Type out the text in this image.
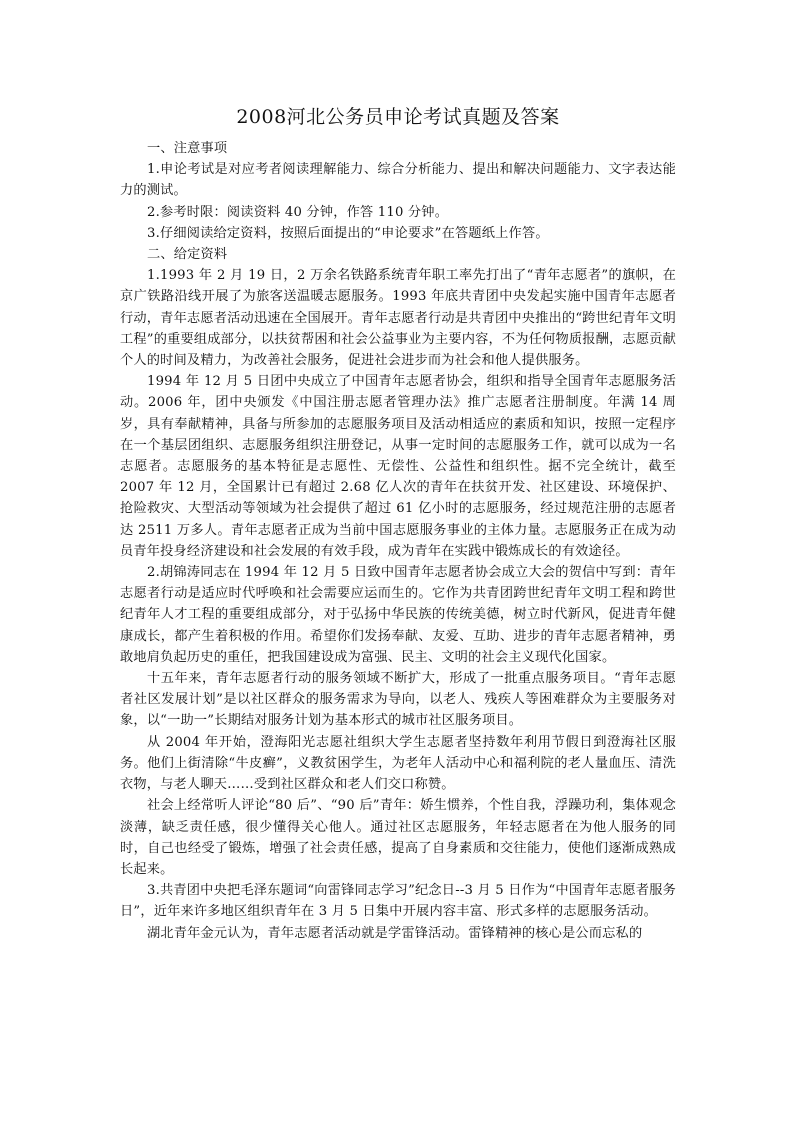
2008河北公务员申论考试真题及答案

一、注意事项

1.申论考试是对应考者阅读理解能力、综合分析能力、提出和解决问题能力、文字表达能力的测试。

2.参考时限：阅读资料 40 分钟，作答 110 分钟。

3.仔细阅读给定资料，按照后面提出的“申论要求”在答题纸上作答。

二、给定资料

1.1993 年 2 月 19 日，2 万余名铁路系统青年职工率先打出了“青年志愿者”的旗帜，在京广铁路沿线开展了为旅客送温暖志愿服务。1993 年底共青团中央发起实施中国青年志愿者行动，青年志愿者活动迅速在全国展开。青年志愿者行动是共青团中央推出的“跨世纪青年文明工程”的重要组成部分，以扶贫帮困和社会公益事业为主要内容，不为任何物质报酬，志愿贡献个人的时间及精力，为改善社会服务，促进社会进步而为社会和他人提供服务。

1994 年 12 月 5 日团中央成立了中国青年志愿者协会，组织和指导全国青年志愿服务活动。2006 年，团中央颁发《中国注册志愿者管理办法》推广志愿者注册制度。年满 14 周岁，具有奉献精神，具备与所参加的志愿服务项目及活动相适应的素质和知识，按照一定程序在一个基层团组织、志愿服务组织注册登记，从事一定时间的志愿服务工作，就可以成为一名志愿者。志愿服务的基本特征是志愿性、无偿性、公益性和组织性。据不完全统计，截至 2007 年 12 月，全国累计已有超过 2.68 亿人次的青年在扶贫开发、社区建设、环境保护、抢险救灾、大型活动等领域为社会提供了超过 61 亿小时的志愿服务，经过规范注册的志愿者达 2511 万多人。青年志愿者正成为当前中国志愿服务事业的主体力量。志愿服务正在成为动员青年投身经济建设和社会发展的有效手段，成为青年在实践中锻炼成长的有效途径。

2.胡锦涛同志在 1994 年 12 月 5 日致中国青年志愿者协会成立大会的贺信中写到：青年志愿者行动是适应时代呼唤和社会需要应运而生的。它作为共青团跨世纪青年文明工程和跨世纪青年人才工程的重要组成部分，对于弘扬中华民族的传统美德，树立时代新风，促进青年健康成长，都产生着积极的作用。希望你们发扬奉献、友爱、互助、进步的青年志愿者精神，勇敢地肩负起历史的重任，把我国建设成为富强、民主、文明的社会主义现代化国家。

十五年来，青年志愿者行动的服务领域不断扩大，形成了一批重点服务项目。“青年志愿者社区发展计划”是以社区群众的服务需求为导向，以老人、残疾人等困难群众为主要服务对象，以“一助一”长期结对服务计划为基本形式的城市社区服务项目。

从 2004 年开始，澄海阳光志愿社组织大学生志愿者坚持数年利用节假日到澄海社区服务。他们上街清除“牛皮癣”，义教贫困学生，为老年人活动中心和福利院的老人量血压、清洗衣物，与老人聊天……受到社区群众和老人们交口称赞。

社会上经常听人评论“80 后”、“90 后”青年：娇生惯养，个性自我，浮躁功利，集体观念淡薄，缺乏责任感，很少懂得关心他人。通过社区志愿服务，年轻志愿者在为他人服务的同时，自己也经受了锻炼，增强了社会责任感，提高了自身素质和交往能力，使他们逐渐成熟成长起来。

3.共青团中央把毛泽东题词“向雷锋同志学习”纪念日--3 月 5 日作为“中国青年志愿者服务日”，近年来许多地区组织青年在 3 月 5 日集中开展内容丰富、形式多样的志愿服务活动。

湖北青年金元认为，青年志愿者活动就是学雷锋活动。雷锋精神的核心是公而忘私的
